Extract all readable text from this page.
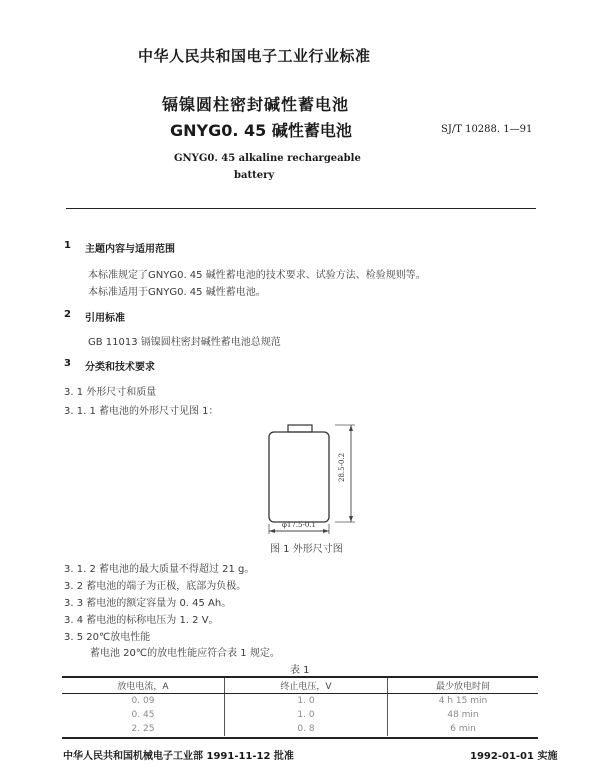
中华人民共和国电子工业行业标准
镉镍圆柱密封碱性蓄电池
GNYG0. 45 碱性蓄电池	SJ/T 10288. 1—91
GNYG0. 45 alkaline rechargeable
battery
1 主题内容与适用范围
本标准规定了GNYG0. 45 碱性蓄电池的技术要求、试验方法、检验规则等。
本标准适用于GNYG0. 45 碱性蓄电池。
2 引用标准
GB 11013 镉镍圆柱密封碱性蓄电池总规范
3 分类和技术要求
3. 1 外形尺寸和质量
3. 1. 1 蓄电池的外形尺寸见图 1：
28.5-0.2
φ17.5-0.1
图 1 外形尺寸图
3. 1. 2 蓄电池的最大质量不得超过 21 g。
3. 2 蓄电池的端子为正极，底部为负极。
3. 3 蓄电池的额定容量为 0. 45 Ah。
3. 4 蓄电池的标称电压为 1. 2 V。
3. 5 20℃放电性能
蓄电池 20℃的放电性能应符合表 1 规定。
表 1
放电电流，A	终止电压，V	最少放电时间
0. 09	1. 0	4 h 15 min
0. 45	1. 0	48 min
2. 25	0. 8	6 min
中华人民共和国机械电子工业部 1991-11-12 批准	1992-01-01 实施
